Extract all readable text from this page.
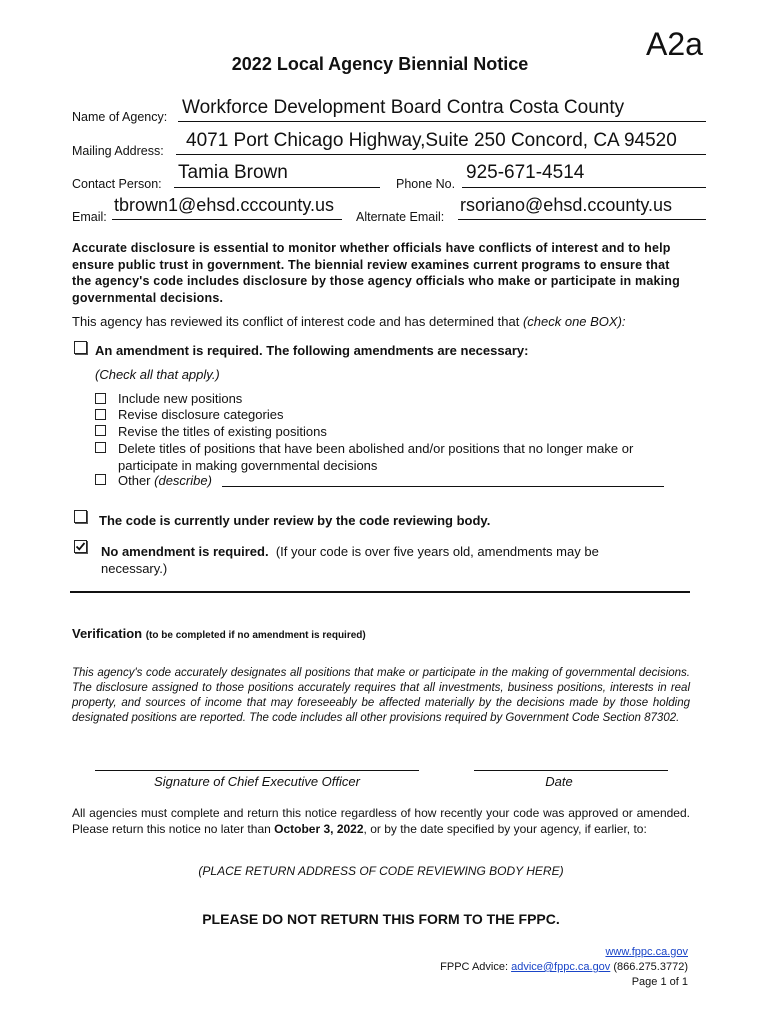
A2a
2022 Local Agency Biennial Notice
Name of Agency: Workforce Development Board Contra Costa County
Mailing Address: 4071 Port Chicago Highway,Suite 250 Concord, CA 94520
Contact Person:
Tamia Brown
Phone No.
925-671-4514
Email:
tbrown1@ehsd.cccounty.us
Alternate Email:
rsoriano@ehsd.ccounty.us
Accurate disclosure is essential to monitor whether officials have conflicts of interest and to help ensure public trust in government. The biennial review examines current programs to ensure that the agency's code includes disclosure by those agency officials who make or participate in making governmental decisions.
This agency has reviewed its conflict of interest code and has determined that (check one BOX):
An amendment is required. The following amendments are necessary:
(Check all that apply.)
Include new positions
Revise disclosure categories
Revise the titles of existing positions
Delete titles of positions that have been abolished and/or positions that no longer make or participate in making governmental decisions
Other (describe)
The code is currently under review by the code reviewing body.
No amendment is required. (If your code is over five years old, amendments may be necessary.)
Verification (to be completed if no amendment is required)
This agency's code accurately designates all positions that make or participate in the making of governmental decisions. The disclosure assigned to those positions accurately requires that all investments, business positions, interests in real property, and sources of income that may foreseeably be affected materially by the decisions made by those holding designated positions are reported. The code includes all other provisions required by Government Code Section 87302.
Signature of Chief Executive Officer	Date
All agencies must complete and return this notice regardless of how recently your code was approved or amended. Please return this notice no later than October 3, 2022, or by the date specified by your agency, if earlier, to:
(PLACE RETURN ADDRESS OF CODE REVIEWING BODY HERE)
PLEASE DO NOT RETURN THIS FORM TO THE FPPC.
www.fppc.ca.gov
FPPC Advice: advice@fppc.ca.gov (866.275.3772)
Page 1 of 1
